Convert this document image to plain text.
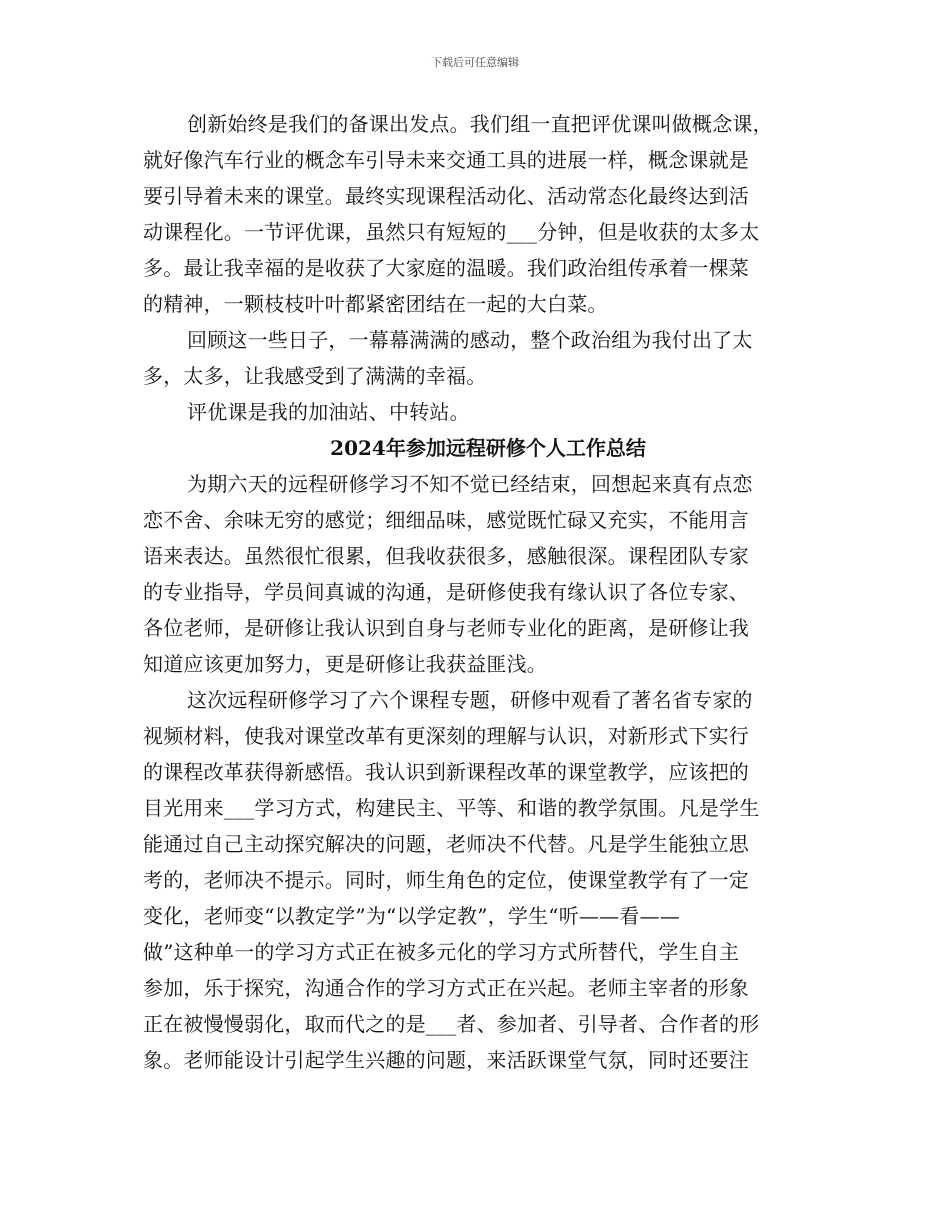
下载后可任意编辑

创新始终是我们的备课出发点。我们组一直把评优课叫做概念课，
就好像汽车行业的概念车引导未来交通工具的进展一样，概念课就是
要引导着未来的课堂。最终实现课程活动化、活动常态化最终达到活
动课程化。一节评优课，虽然只有短短的___分钟，但是收获的太多太
多。最让我幸福的是收获了大家庭的温暖。我们政治组传承着一棵菜
的精神，一颗枝枝叶叶都紧密团结在一起的大白菜。

回顾这一些日子，一幕幕满满的感动，整个政治组为我付出了太
多，太多，让我感受到了满满的幸福。

评优课是我的加油站、中转站。

2024年参加远程研修个人工作总结

为期六天的远程研修学习不知不觉已经结束，回想起来真有点恋
恋不舍、余味无穷的感觉；细细品味，感觉既忙碌又充实，不能用言
语来表达。虽然很忙很累，但我收获很多，感触很深。课程团队专家
的专业指导，学员间真诚的沟通，是研修使我有缘认识了各位专家、
各位老师，是研修让我认识到自身与老师专业化的距离，是研修让我
知道应该更加努力，更是研修让我获益匪浅。

这次远程研修学习了六个课程专题，研修中观看了著名省专家的
视频材料，使我对课堂改革有更深刻的理解与认识，对新形式下实行
的课程改革获得新感悟。我认识到新课程改革的课堂教学，应该把的
目光用来___学习方式，构建民主、平等、和谐的教学氛围。凡是学生
能通过自己主动探究解决的问题，老师决不代替。凡是学生能独立思
考的，老师决不提示。同时，师生角色的定位，使课堂教学有了一定
变化，老师变“以教定学”为“以学定教”，学生“听——看——
做”这种单一的学习方式正在被多元化的学习方式所替代，学生自主
参加，乐于探究，沟通合作的学习方式正在兴起。老师主宰者的形象
正在被慢慢弱化，取而代之的是___者、参加者、引导者、合作者的形
象。老师能设计引起学生兴趣的问题，来活跃课堂气氛，同时还要注
